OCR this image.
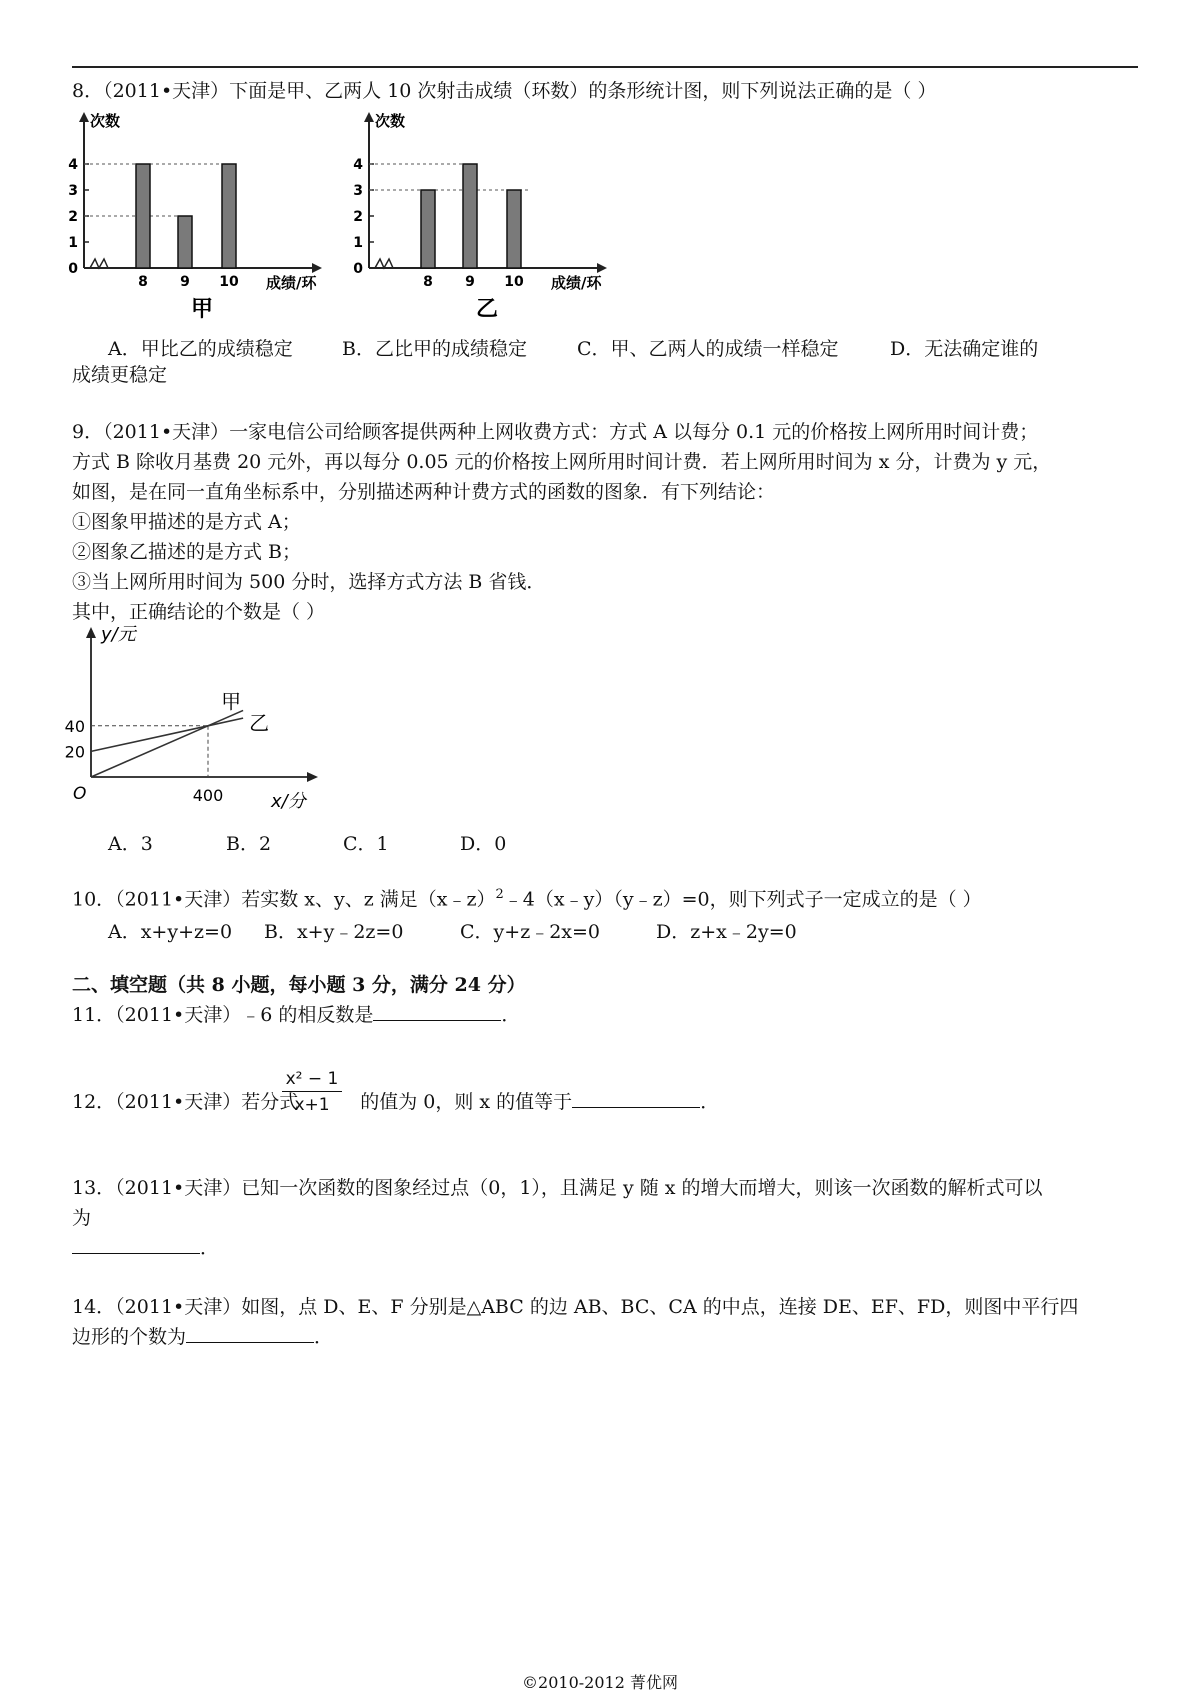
8．（2011•天津）下面是甲、乙两人 10 次射击成绩（环数）的条形统计图，则下列说法正确的是（ ）
次数
0
1
2
3
4
8 9 10 成绩/环
甲
次数
0
1
2
3
4
8 9 10 成绩/环
乙
A．甲比乙的成绩稳定	B．乙比甲的成绩稳定	C．甲、乙两人的成绩一样稳定	D．无法确定谁的
成绩更稳定
9．（2011•天津）一家电信公司给顾客提供两种上网收费方式：方式 A 以每分 0.1 元的价格按上网所用时间计费；
方式 B 除收月基费 20 元外，再以每分 0.05 元的价格按上网所用时间计费．若上网所用时间为 x 分，计费为 y 元，
如图，是在同一直角坐标系中，分别描述两种计费方式的函数的图象．有下列结论：
①图象甲描述的是方式 A；
②图象乙描述的是方式 B；
③当上网所用时间为 500 分时，选择方式方法 B 省钱．
其中，正确结论的个数是（ ）
y/元
x/分
O
20
40
400
甲
乙
A．3	B．2	C．1	D．0
10．（2011•天津）若实数 x、y、z 满足（x﹣z）$^2$﹣4（x﹣y）（y﹣z）=0，则下列式子一定成立的是（ ）
A．x+y+z=0 B．x+y﹣2z=0	C．y+z﹣2x=0	D．z+x﹣2y=0
二、填空题（共 8 小题，每小题 3 分，满分 24 分）
11．（2011•天津）﹣6 的相反数是	．
12．（2011•天津）若分式	的值为 0，则 x 的值等于	．
$\frac{\text{x² − 1}}{x+1}$
13．（2011•天津）已知一次函数的图象经过点（0，1），且满足 y 随 x 的增大而增大，则该一次函数的解析式可以
为
．
14．（2011•天津）如图，点 D、E、F 分别是△ABC 的边 AB、BC、CA 的中点，连接 DE、EF、FD，则图中平行四
边形的个数为	．
©2010-2012 菁优网
